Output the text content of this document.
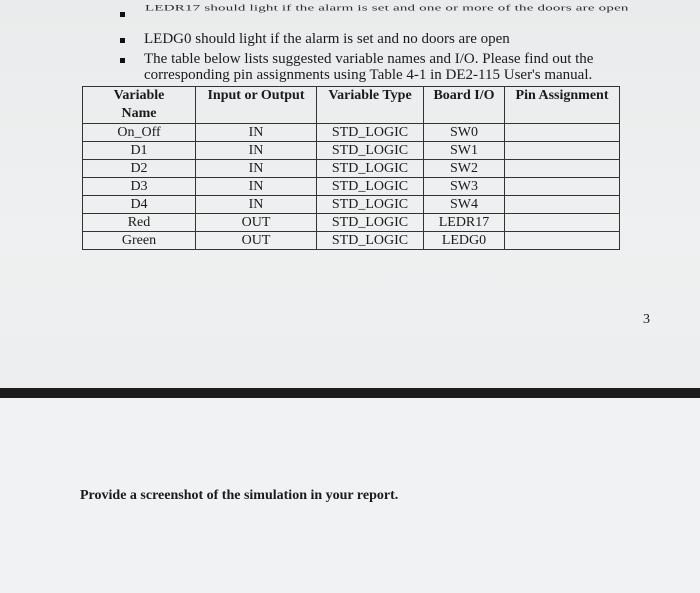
LEDR17 should light if the alarm is set and one or more of the doors are open
LEDG0 should light if the alarm is set and no doors are open
The table below lists suggested variable names and I/O. Please find out the
corresponding pin assignments using Table 4-1 in DE2-115 User's manual.
Variable
Name	Input or Output	Variable Type	Board I/O	Pin Assignment
On_Off	IN	STD_LOGIC	SW0	
D1	IN	STD_LOGIC	SW1	
D2	IN	STD_LOGIC	SW2	
D3	IN	STD_LOGIC	SW3	
D4	IN	STD_LOGIC	SW4	
Red	OUT	STD_LOGIC	LEDR17	
Green	OUT	STD_LOGIC	LEDG0	
3
Provide a screenshot of the simulation in your report.
